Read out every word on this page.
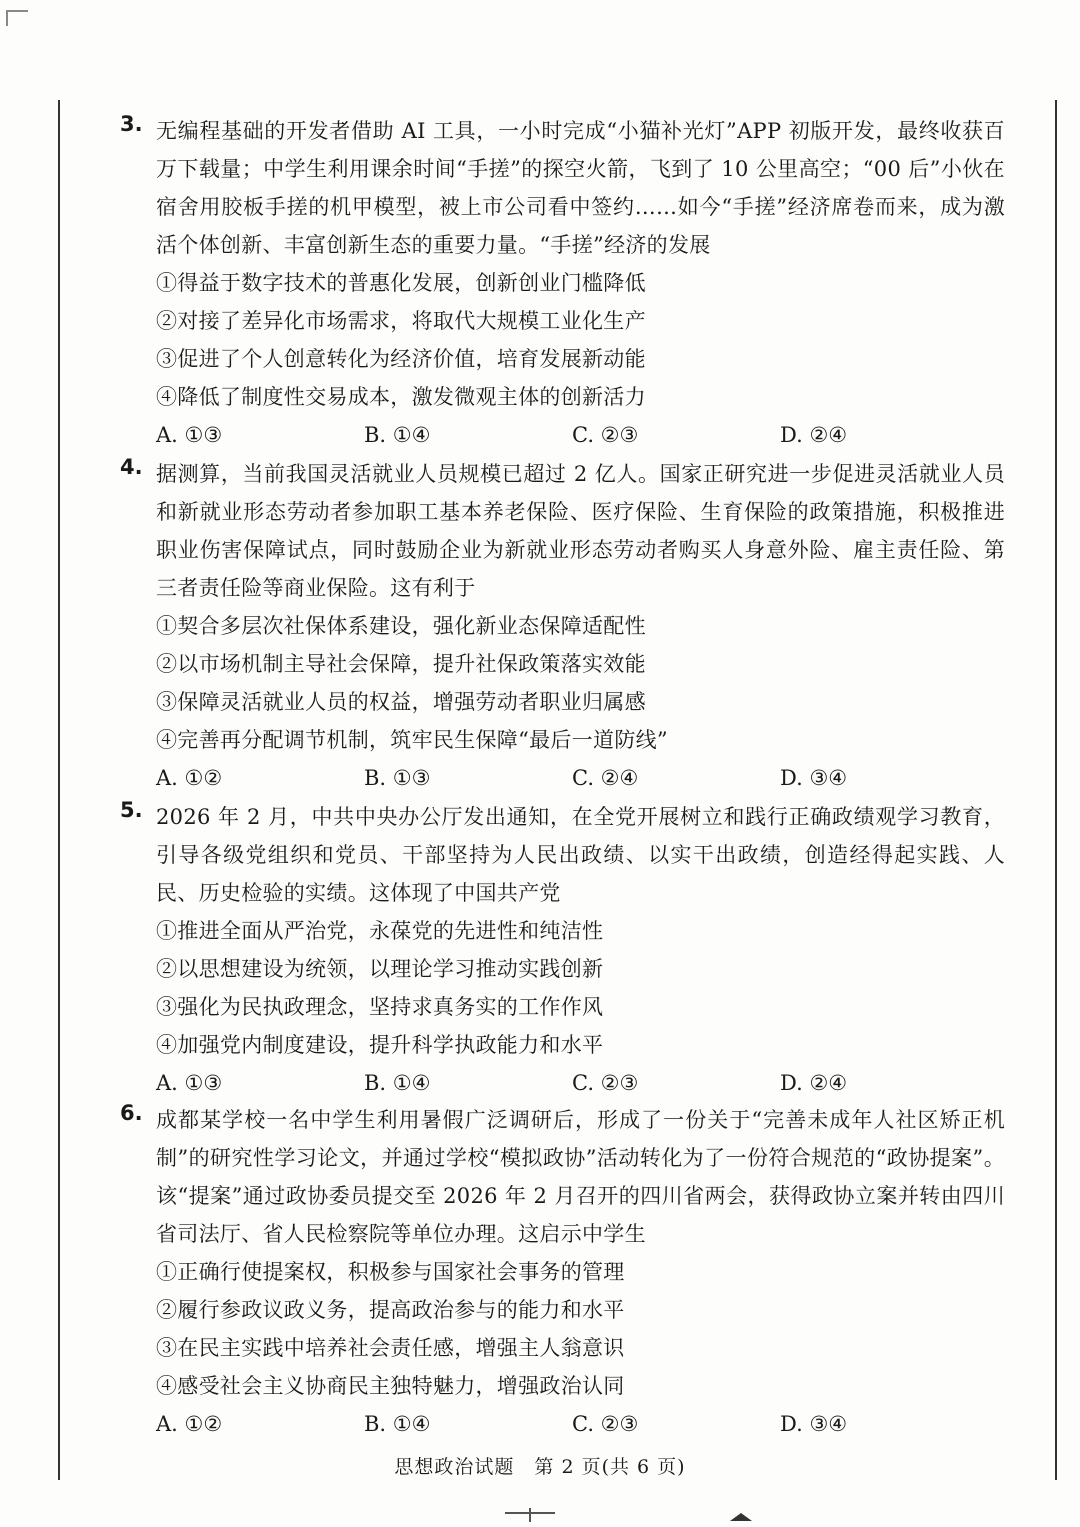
3. 无编程基础的开发者借助 AI 工具，一小时完成“小猫补光灯”APP 初版开发，最终收获百万下载量；中学生利用课余时间“手搓”的探空火箭，飞到了 10 公里高空；“00 后”小伙在宿舍用胶板手搓的机甲模型，被上市公司看中签约……如今“手搓”经济席卷而来，成为激活个体创新、丰富创新生态的重要力量。“手搓”经济的发展
①得益于数字技术的普惠化发展，创新创业门槛降低
②对接了差异化市场需求，将取代大规模工业化生产
③促进了个人创意转化为经济价值，培育发展新动能
④降低了制度性交易成本，激发微观主体的创新活力
A. ①③	B. ①④	C. ②③	D. ②④
4. 据测算，当前我国灵活就业人员规模已超过 2 亿人。国家正研究进一步促进灵活就业人员和新就业形态劳动者参加职工基本养老保险、医疗保险、生育保险的政策措施，积极推进职业伤害保障试点，同时鼓励企业为新就业形态劳动者购买人身意外险、雇主责任险、第三者责任险等商业保险。这有利于
①契合多层次社保体系建设，强化新业态保障适配性
②以市场机制主导社会保障，提升社保政策落实效能
③保障灵活就业人员的权益，增强劳动者职业归属感
④完善再分配调节机制，筑牢民生保障“最后一道防线”
A. ①②	B. ①③	C. ②④	D. ③④
5. 2026 年 2 月，中共中央办公厅发出通知，在全党开展树立和践行正确政绩观学习教育，引导各级党组织和党员、干部坚持为人民出政绩、以实干出政绩，创造经得起实践、人民、历史检验的实绩。这体现了中国共产党
①推进全面从严治党，永葆党的先进性和纯洁性
②以思想建设为统领，以理论学习推动实践创新
③强化为民执政理念，坚持求真务实的工作作风
④加强党内制度建设，提升科学执政能力和水平
A. ①③	B. ①④	C. ②③	D. ②④
6. 成都某学校一名中学生利用暑假广泛调研后，形成了一份关于“完善未成年人社区矫正机制”的研究性学习论文，并通过学校“模拟政协”活动转化为了一份符合规范的“政协提案”。该“提案”通过政协委员提交至 2026 年 2 月召开的四川省两会，获得政协立案并转由四川省司法厅、省人民检察院等单位办理。这启示中学生
①正确行使提案权，积极参与国家社会事务的管理
②履行参政议政义务，提高政治参与的能力和水平
③在民主实践中培养社会责任感，增强主人翁意识
④感受社会主义协商民主独特魅力，增强政治认同
A. ①②	B. ①④	C. ②③	D. ③④
思想政治试题　第 2 页(共 6 页)
